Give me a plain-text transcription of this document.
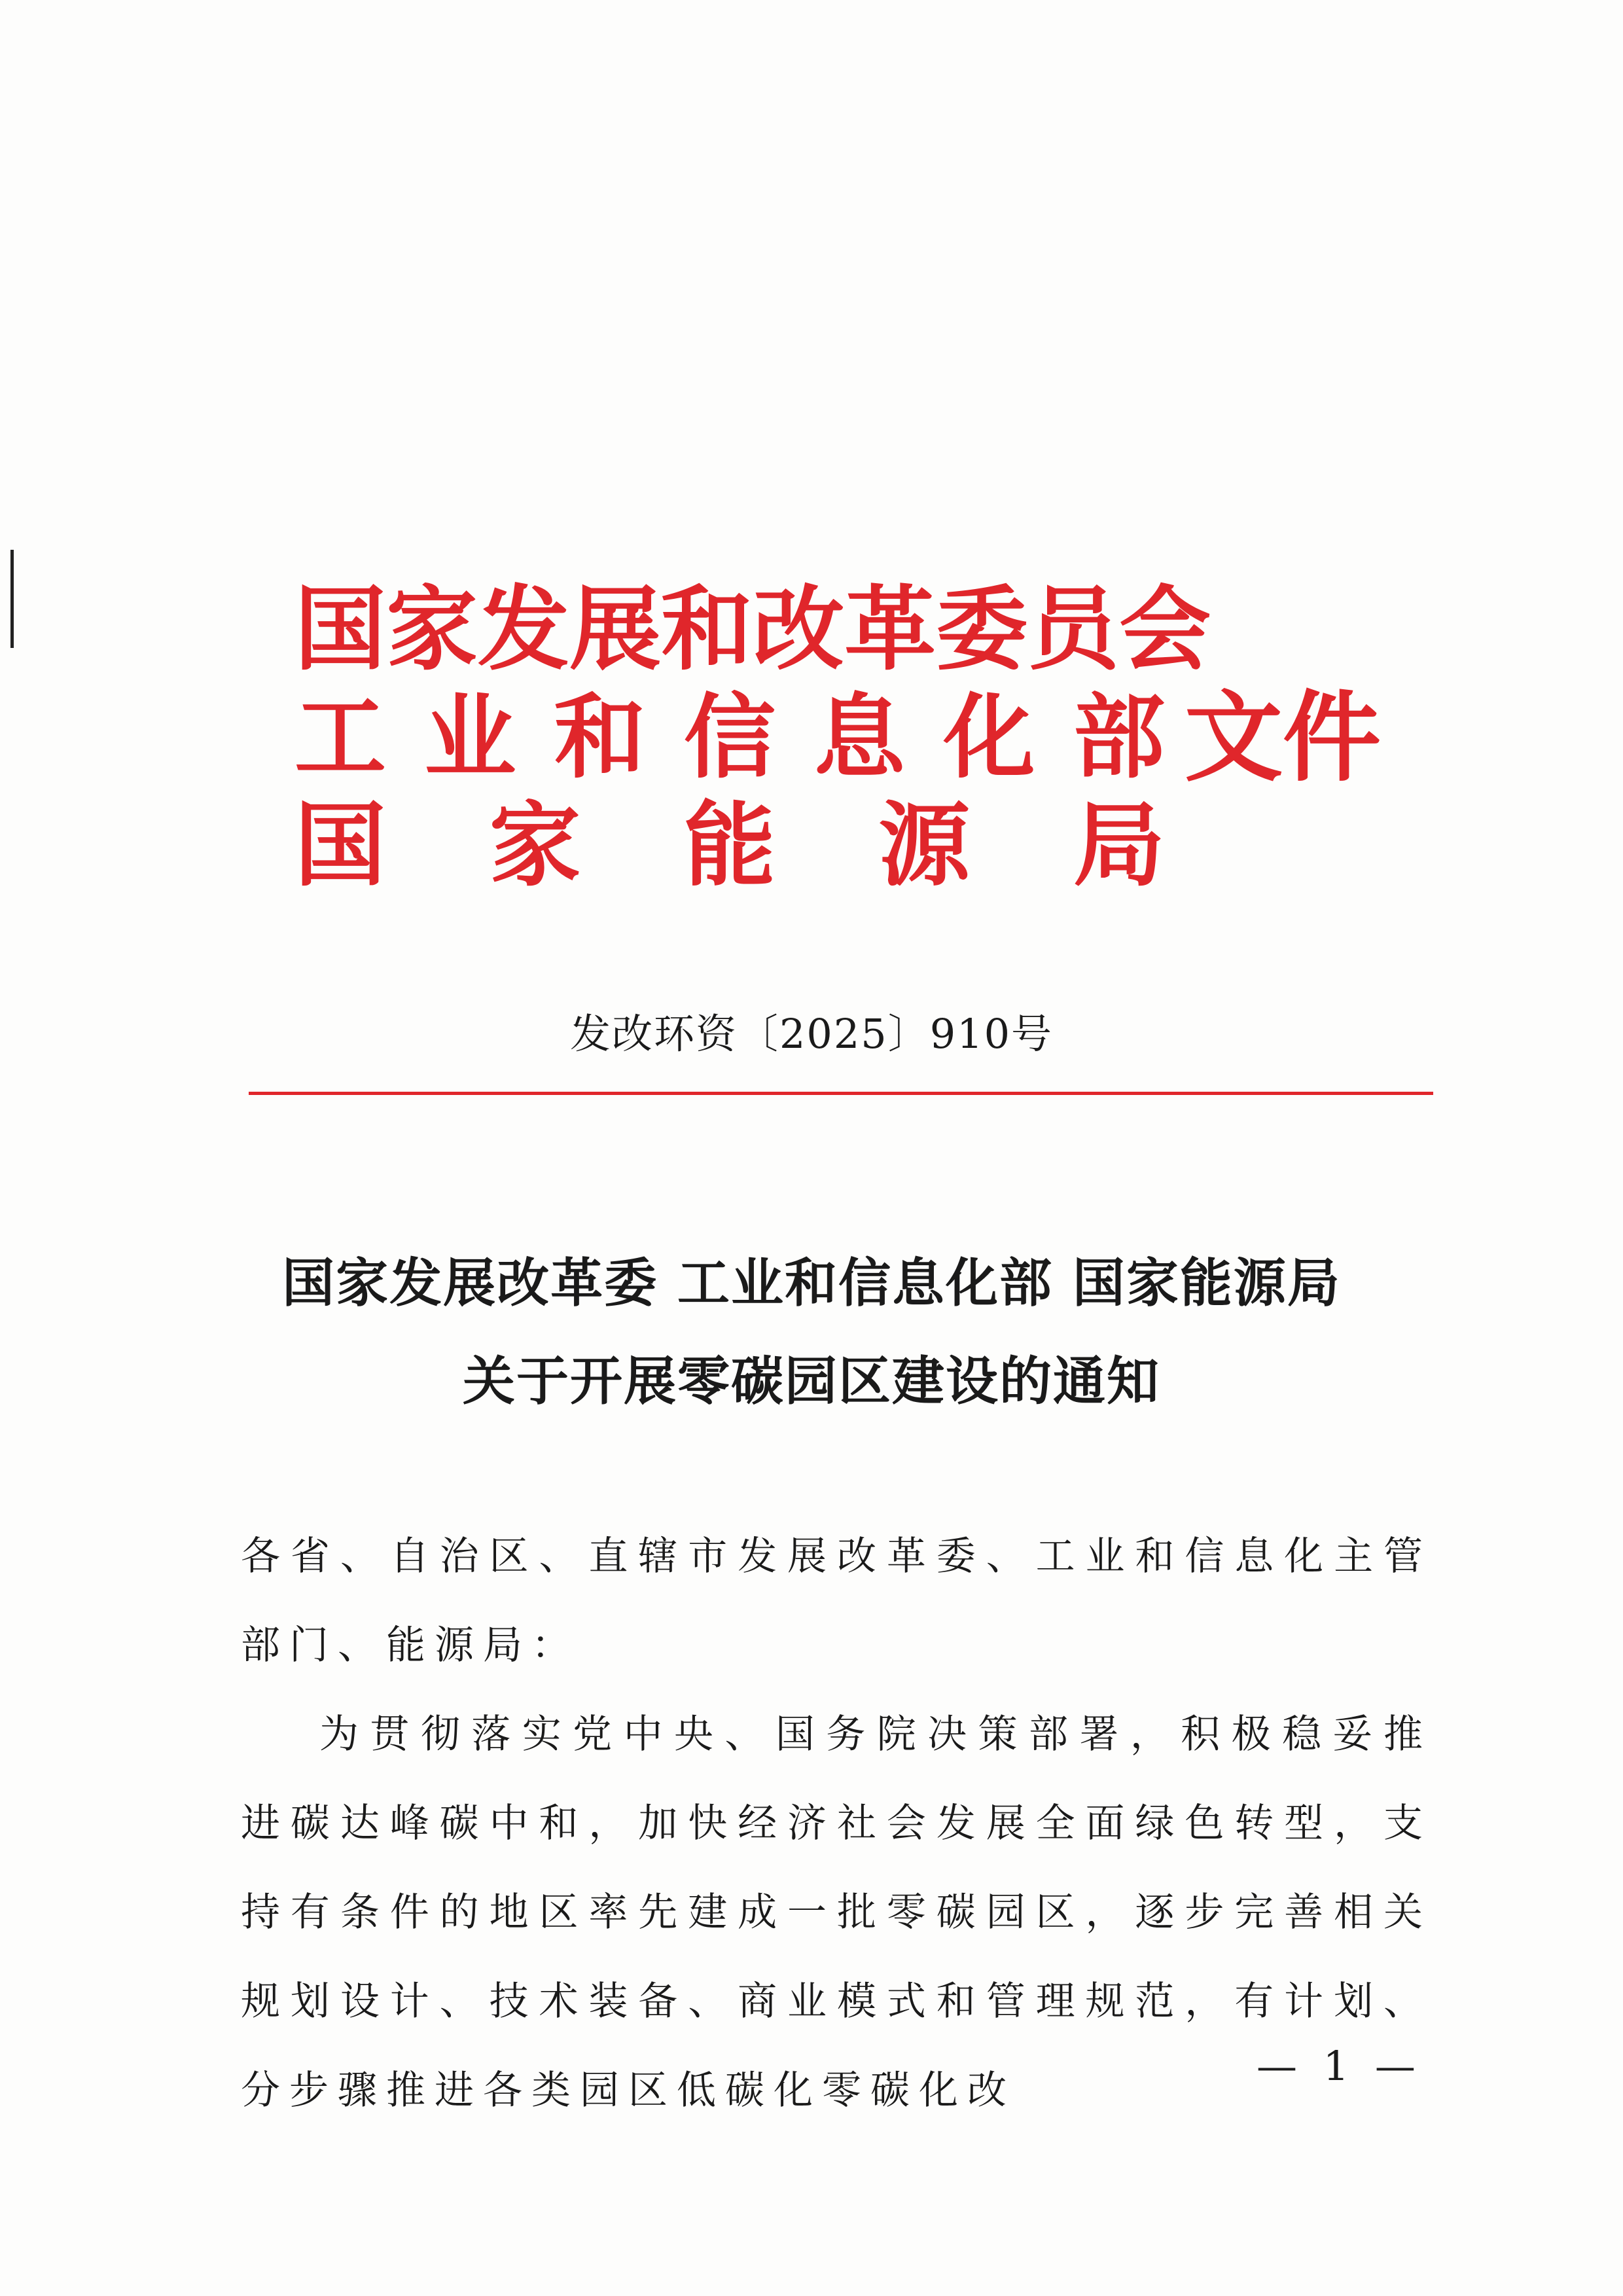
国 家 发 展 和 改 革 委 员 会
工 业 和 信 息 化 部
国 家 能 源 局
文件
发改环资〔2025〕910号
国家发展改革委 工业和信息化部 国家能源局
关于开展零碳园区建设的通知

各省、自治区、直辖市发展改革委、工业和信息化主管部门、能源局：

为贯彻落实党中央、国务院决策部署，积极稳妥推进碳达峰碳中和，加快经济社会发展全面绿色转型，支持有条件的地区率先建成一批零碳园区，逐步完善相关规划设计、技术装备、商业模式和管理规范，有计划、分步骤推进各类园区低碳化零碳化改

— 1 —
